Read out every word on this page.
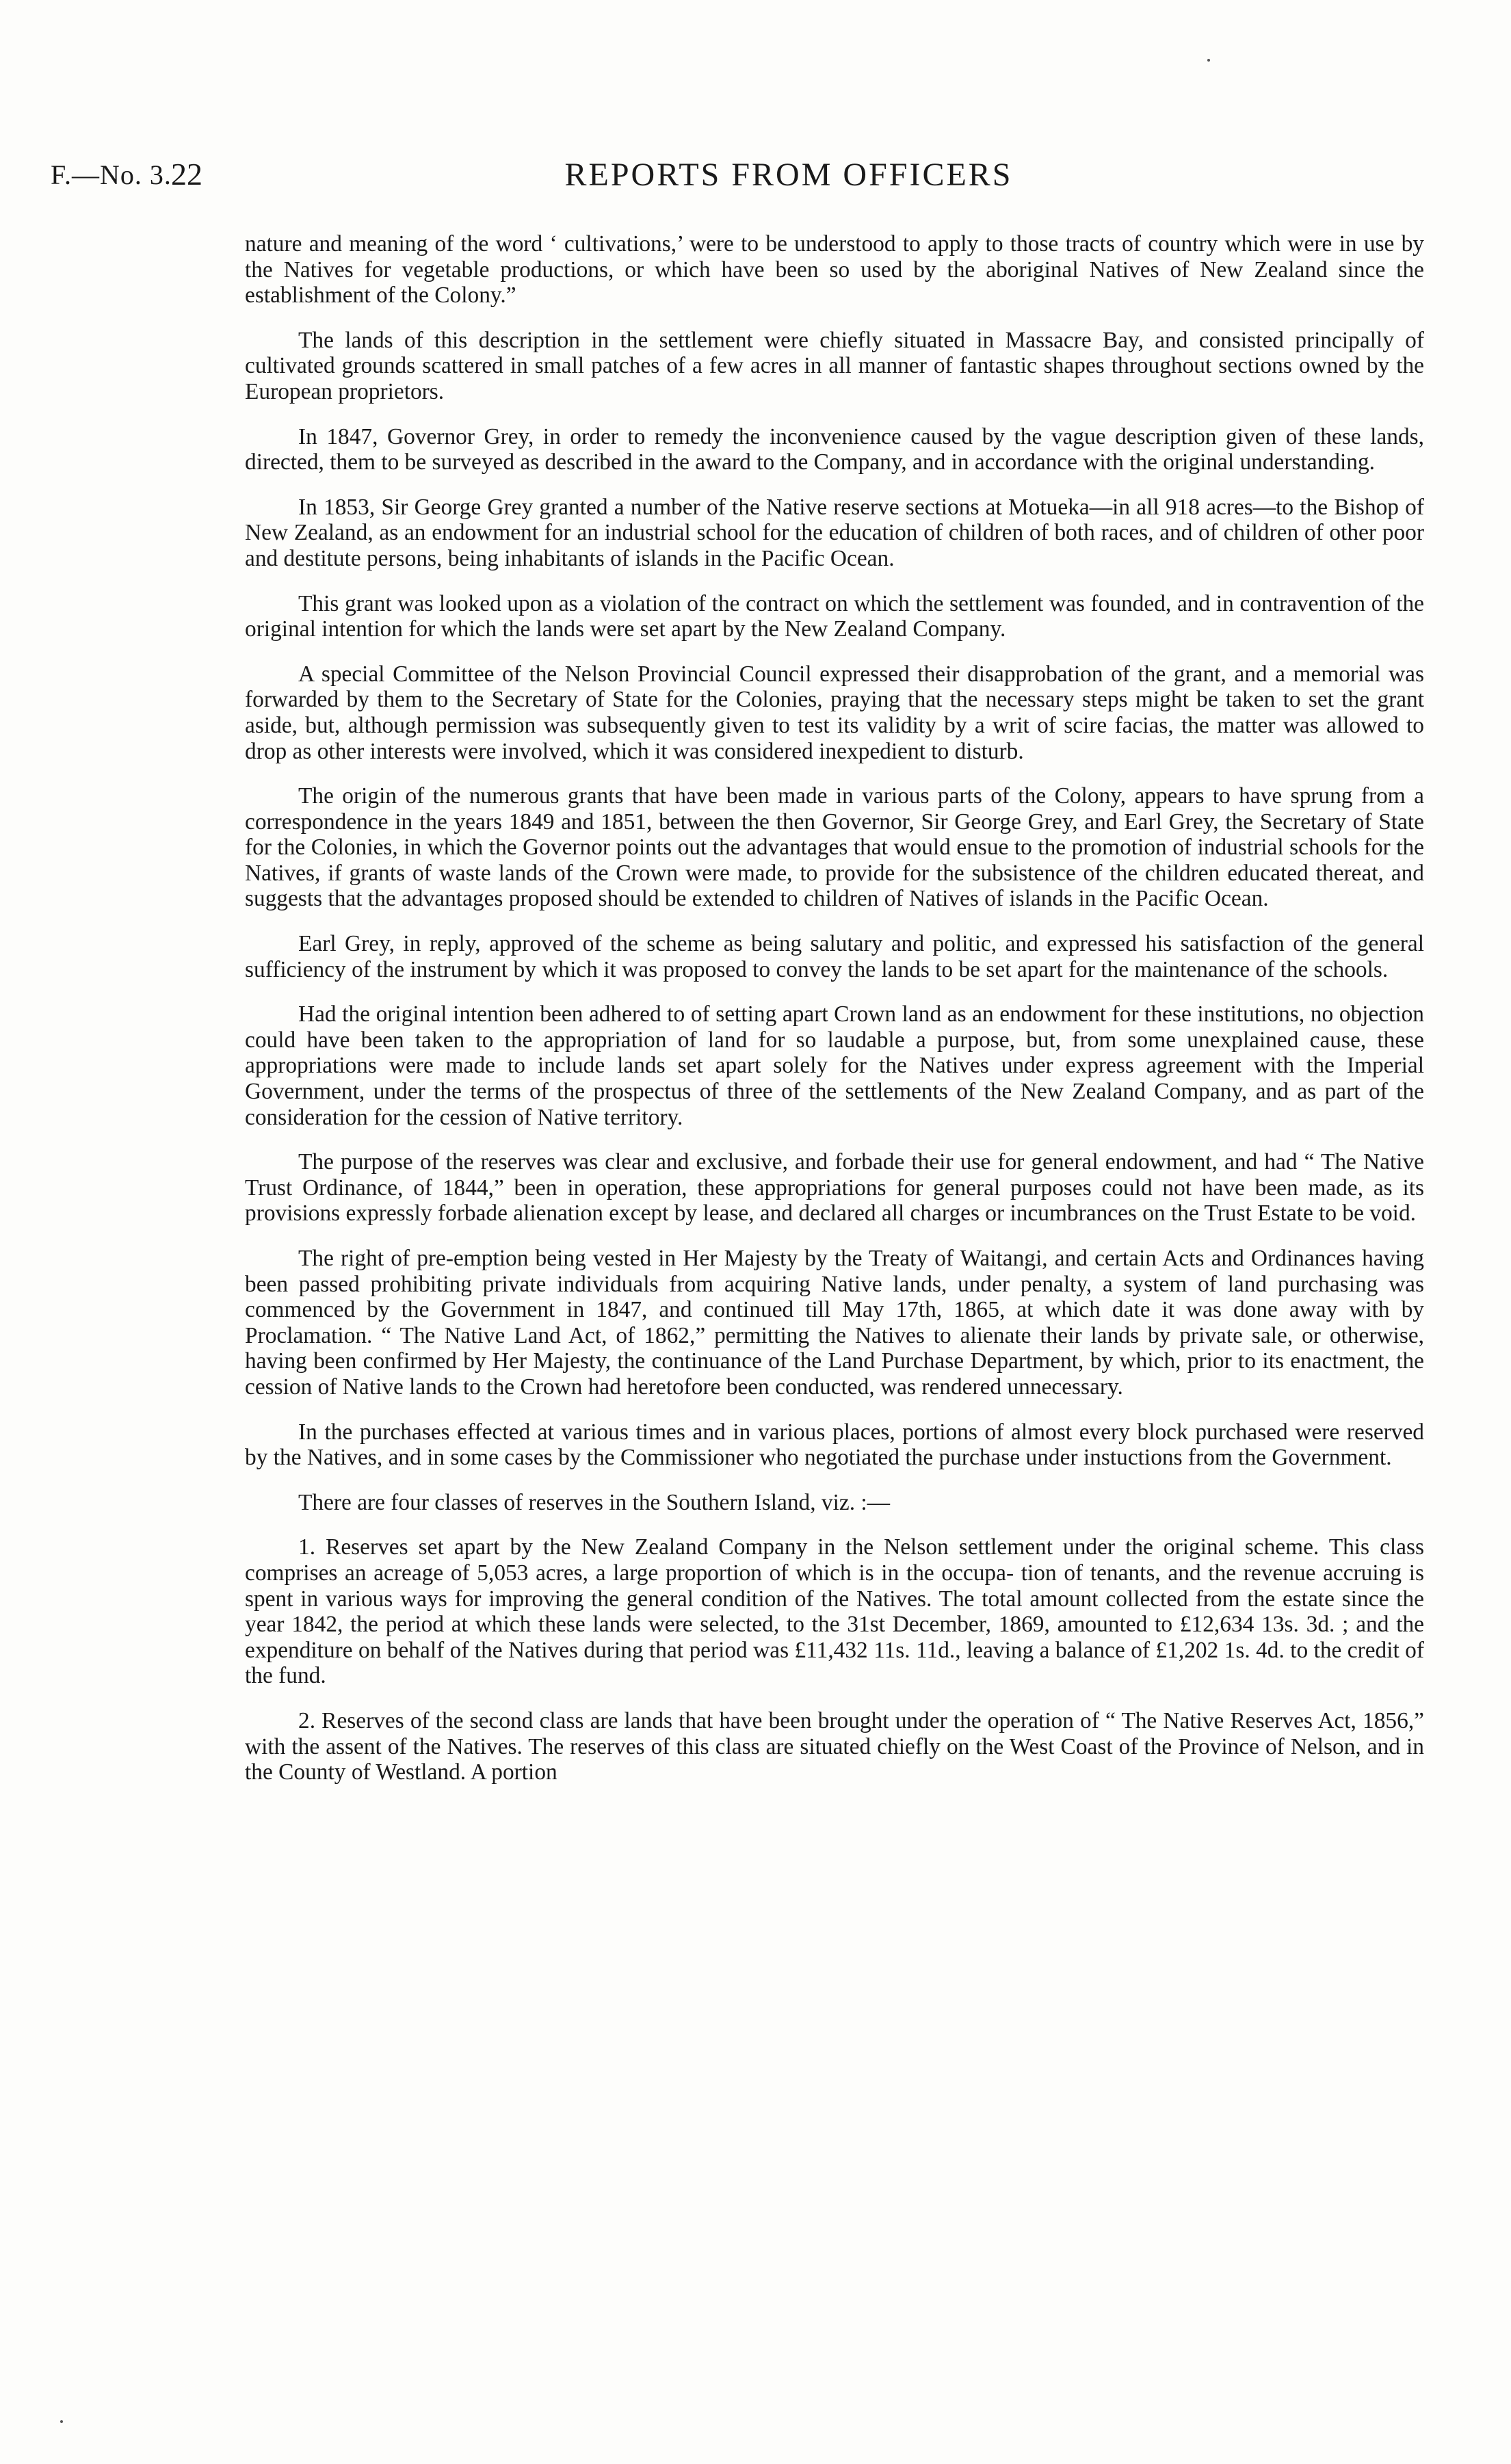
F.—No. 3. 22	REPORTS FROM OFFICERS

nature and meaning of the word ‘ cultivations,’ were to be understood to apply to those tracts of country which were in use by the Natives for vegetable productions, or which have been so used by the aboriginal Natives of New Zealand since the establishment of the Colony.”

The lands of this description in the settlement were chiefly situated in Massacre Bay, and consisted principally of cultivated grounds scattered in small patches of a few acres in all manner of fantastic shapes throughout sections owned by the European proprietors.

In 1847, Governor Grey, in order to remedy the inconvenience caused by the vague description given of these lands, directed, them to be surveyed as described in the award to the Company, and in accordance with the original understanding.

In 1853, Sir George Grey granted a number of the Native reserve sections at Motueka—in all 918 acres—to the Bishop of New Zealand, as an endowment for an industrial school for the education of children of both races, and of children of other poor and destitute persons, being inhabitants of islands in the Pacific Ocean.

This grant was looked upon as a violation of the contract on which the settlement was founded, and in contravention of the original intention for which the lands were set apart by the New Zealand Company.

A special Committee of the Nelson Provincial Council expressed their disapprobation of the grant, and a memorial was forwarded by them to the Secretary of State for the Colonies, praying that the necessary steps might be taken to set the grant aside, but, although permission was subsequently given to test its validity by a writ of scire facias, the matter was allowed to drop as other interests were involved, which it was considered inexpedient to disturb.

The origin of the numerous grants that have been made in various parts of the Colony, appears to have sprung from a correspondence in the years 1849 and 1851, between the then Governor, Sir George Grey, and Earl Grey, the Secretary of State for the Colonies, in which the Governor points out the advantages that would ensue to the promotion of industrial schools for the Natives, if grants of waste lands of the Crown were made, to provide for the subsistence of the children educated thereat, and suggests that the advantages proposed should be extended to children of Natives of islands in the Pacific Ocean.

Earl Grey, in reply, approved of the scheme as being salutary and politic, and expressed his satisfaction of the general sufficiency of the instrument by which it was proposed to convey the lands to be set apart for the maintenance of the schools.

Had the original intention been adhered to of setting apart Crown land as an endowment for these institutions, no objection could have been taken to the appropriation of land for so laudable a purpose, but, from some unexplained cause, these appropriations were made to include lands set apart solely for the Natives under express agreement with the Imperial Government, under the terms of the prospectus of three of the settlements of the New Zealand Company, and as part of the consideration for the cession of Native territory.

The purpose of the reserves was clear and exclusive, and forbade their use for general endowment, and had “ The Native Trust Ordinance, of 1844,” been in operation, these appropriations for general purposes could not have been made, as its provisions expressly forbade alienation except by lease, and declared all charges or incumbrances on the Trust Estate to be void.

The right of pre-emption being vested in Her Majesty by the Treaty of Waitangi, and certain Acts and Ordinances having been passed prohibiting private individuals from acquiring Native lands, under penalty, a system of land purchasing was commenced by the Government in 1847, and continued till May 17th, 1865, at which date it was done away with by Proclamation. “ The Native Land Act, of 1862,” permitting the Natives to alienate their lands by private sale, or otherwise, having been confirmed by Her Majesty, the continuance of the Land Purchase Department, by which, prior to its enactment, the cession of Native lands to the Crown had heretofore been conducted, was rendered unnecessary.

In the purchases effected at various times and in various places, portions of almost every block purchased were reserved by the Natives, and in some cases by the Commissioner who negotiated the purchase under instuctions from the Government.

There are four classes of reserves in the Southern Island, viz. :—

1. Reserves set apart by the New Zealand Company in the Nelson settlement under the original scheme. This class comprises an acreage of 5,053 acres, a large proportion of which is in the occupa- tion of tenants, and the revenue accruing is spent in various ways for improving the general condition of the Natives. The total amount collected from the estate since the year 1842, the period at which these lands were selected, to the 31st December, 1869, amounted to £12,634 13s. 3d. ; and the expenditure on behalf of the Natives during that period was £11,432 11s. 11d., leaving a balance of £1,202 1s. 4d. to the credit of the fund.

2. Reserves of the second class are lands that have been brought under the operation of “ The Native Reserves Act, 1856,” with the assent of the Natives. The reserves of this class are situated chiefly on the West Coast of the Province of Nelson, and in the County of Westland. A portion
